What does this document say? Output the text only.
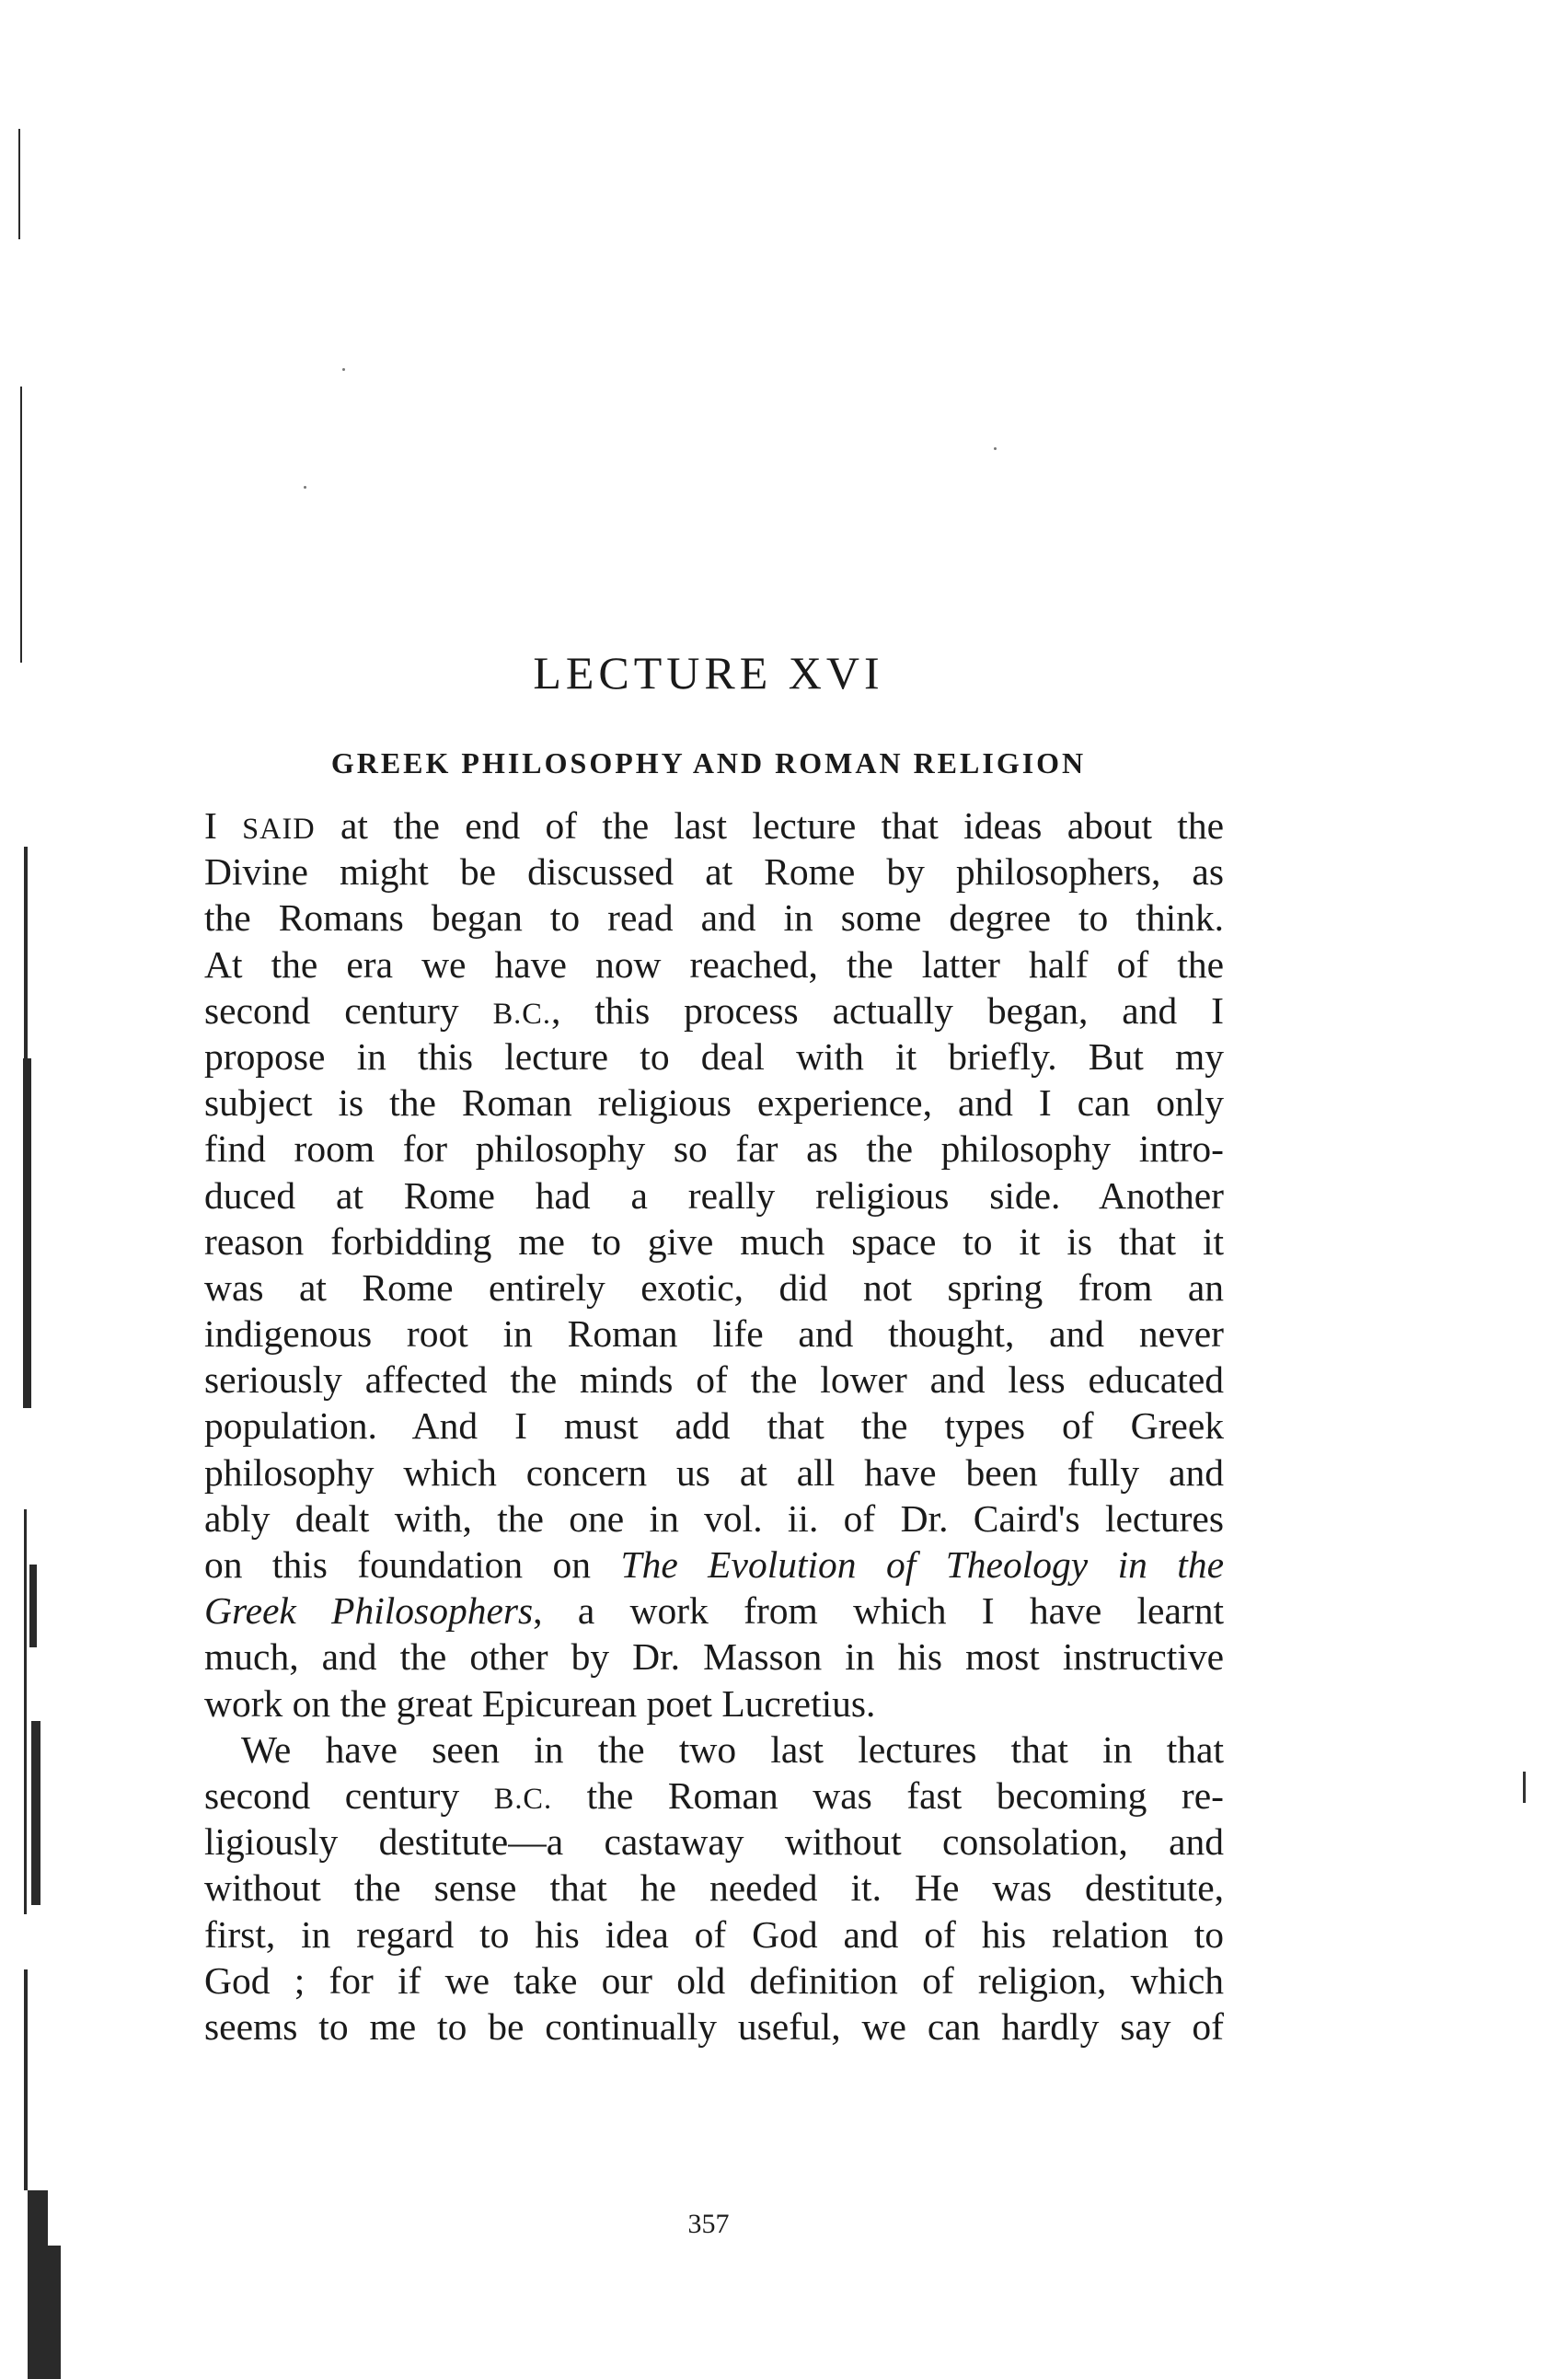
LECTURE XVI
GREEK PHILOSOPHY AND ROMAN RELIGION
I SAID at the end of the last lecture that ideas about the
Divine might be discussed at Rome by philosophers, as
the Romans began to read and in some degree to think.
At the era we have now reached, the latter half of the
second century B.C., this process actually began, and I
propose in this lecture to deal with it briefly. But my
subject is the Roman religious experience, and I can only
find room for philosophy so far as the philosophy intro-
duced at Rome had a really religious side. Another
reason forbidding me to give much space to it is that it
was at Rome entirely exotic, did not spring from an
indigenous root in Roman life and thought, and never
seriously affected the minds of the lower and less educated
population. And I must add that the types of Greek
philosophy which concern us at all have been fully and
ably dealt with, the one in vol. ii. of Dr. Caird's lectures
on this foundation on The Evolution of Theology in the
Greek Philosophers, a work from which I have learnt
much, and the other by Dr. Masson in his most instructive
work on the great Epicurean poet Lucretius.
We have seen in the two last lectures that in that
second century B.C. the Roman was fast becoming re-
ligiously destitute—a castaway without consolation, and
without the sense that he needed it. He was destitute,
first, in regard to his idea of God and of his relation to
God ; for if we take our old definition of religion, which
seems to me to be continually useful, we can hardly say of
357
